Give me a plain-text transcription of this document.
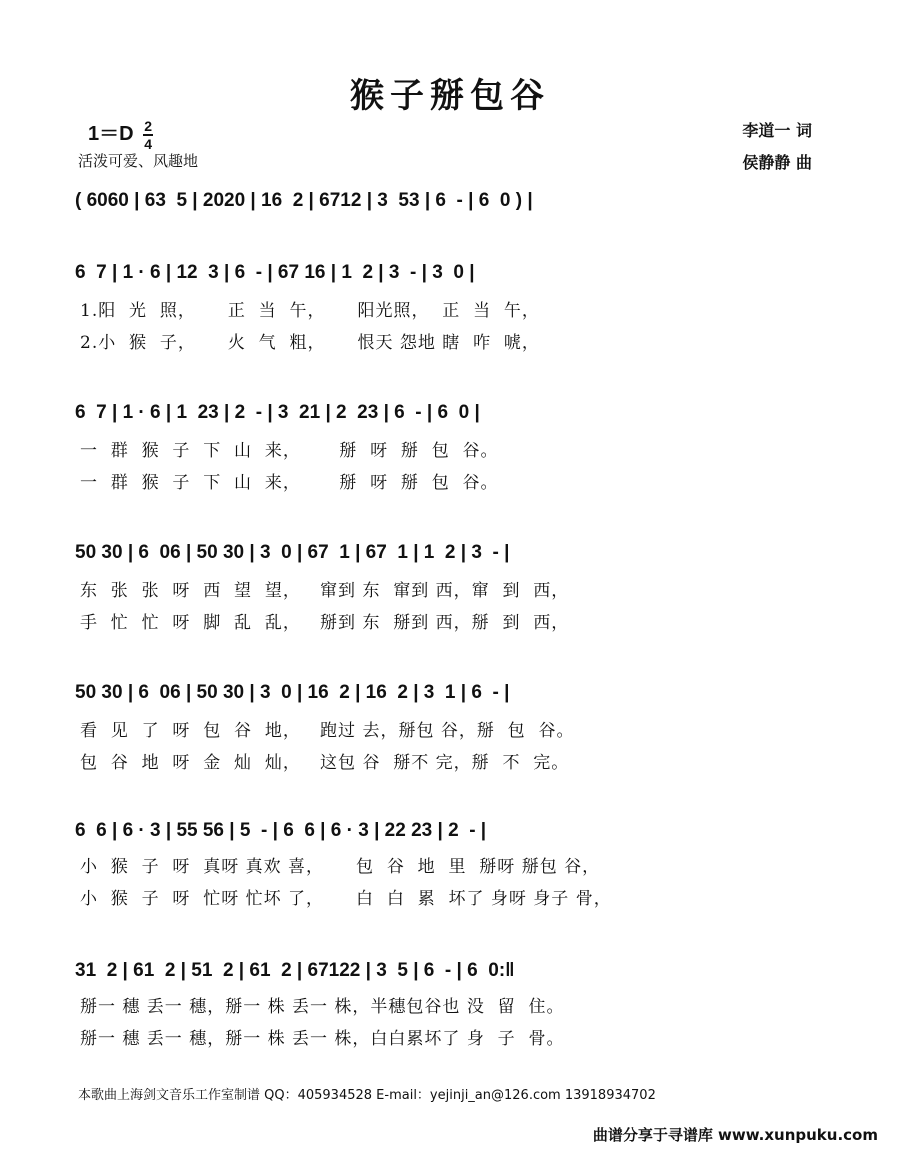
猴子掰包谷
$1=D \frac{2}{4}$
活泼可爱、风趣地
李道一 词
侯静静 曲
( 6060 | 63  5 | 2020 | 16  2 | 6712 | 3  53 | 6  - | 6  0 ) |
6  7 | 1 · 6 | 12  3 | 6  - | 67 16 | 1  2 | 3  - | 3  0 |
1.阳  光  照，     正  当  午，     阳光照，  正  当  午，
2.小  猴  子，     火  气  粗，     恨天 怨地 瞎  咋  唬，
6  7 | 1 · 6 | 1  23 | 2  - | 3  21 | 2  23 | 6  - | 6  0 |
一  群  猴  子  下  山  来，      掰  呀  掰  包  谷。
一  群  猴  子  下  山  来，      掰  呀  掰  包  谷。
50 30 | 6  06 | 50 30 | 3  0 | 67  1 | 67  1 | 1  2 | 3  - |
东  张  张  呀  西  望  望，   窜到 东  窜到 西，窜  到  西，
手  忙  忙  呀  脚  乱  乱，   掰到 东  掰到 西，掰  到  西，
50 30 | 6  06 | 50 30 | 3  0 | 16  2 | 16  2 | 3  1 | 6  - |
看  见  了  呀  包  谷  地，   跑过 去，掰包 谷，掰  包  谷。
包  谷  地  呀  金  灿  灿，   这包 谷  掰不 完，掰  不  完。
6  6 | 6 · 3 | 55 56 | 5  - | 6  6 | 6 · 3 | 22 23 | 2  - |
小  猴  子  呀  真呀 真欢 喜，     包  谷  地  里  掰呀 掰包 谷，
小  猴  子  呀  忙呀 忙坏 了，     白  白  累  坏了 身呀 身子 骨，
31  2 | 61  2 | 51  2 | 61  2 | 67122 | 3  5 | 6  - | 6  0:‖
掰一 穗 丢一 穗，掰一 株 丢一 株，半穗包谷也 没  留  住。
掰一 穗 丢一 穗，掰一 株 丢一 株，白白累坏了 身  子  骨。
本歌曲上海剑文音乐工作室制谱 QQ：405934528 E-mail：yejinji_an@126.com 13918934702
曲谱分享于寻谱库 www.xunpuku.com
